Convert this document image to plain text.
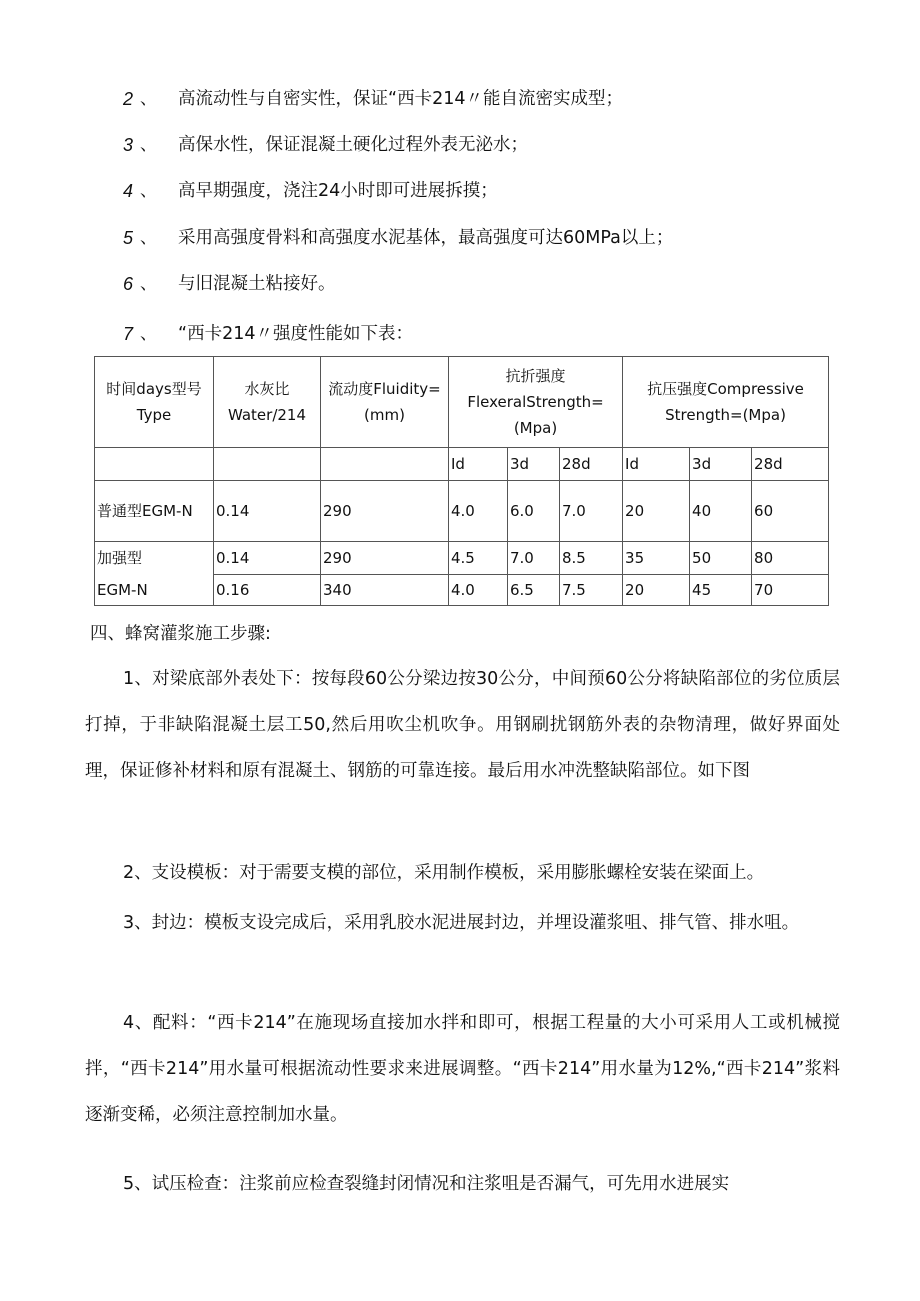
2 、 高流动性与自密实性，保证“西卡214〃能自流密实成型；
3 、 高保水性，保证混凝土硬化过程外表无泌水；
4 、 高早期强度，浇注24小时即可进展拆摸；
5 、 采用高强度骨料和高强度水泥基体，最高强度可达60MPa以上；
6 、 与旧混凝土粘接好。
7 、 “西卡214〃强度性能如下表：
时间days型号Type	水灰比Water/214	流动度Fluidity=(mm)	抗折强度FlexeralStrength=(Mpa)			抗压强度Compressive Strength=(Mpa)		
			Id	3d	28d	Id	3d	28d
普通型EGM-N	0.14	290	4.0	6.0	7.0	20	40	60
加强型	0.14	290	4.5	7.0	8.5	35	50	80
EGM-N	0.16	340	4.0	6.5	7.5	20	45	70
四、蜂窝灌浆施工步骤:
1、对梁底部外表处下：按每段60公分梁边按30公分，中间预60公分将缺陷部位的劣位质层打掉，于非缺陷混凝土层工50,然后用吹尘机吹争。用钢刷扰钢筋外表的杂物清理，做好界面处理，保证修补材料和原有混凝土、钢筋的可靠连接。最后用水冲洗整缺陷部位。如下图
2、支设模板：对于需要支模的部位，采用制作模板，采用膨胀螺栓安装在梁面上。
3、封边：模板支设完成后，采用乳胶水泥进展封边，并埋设灌浆咀、排气管、排水咀。
4、配料：“西卡214”在施现场直接加水拌和即可，根据工程量的大小可采用人工或机械搅拌，“西卡214”用水量可根据流动性要求来进展调整。“西卡214”用水量为12%,“西卡214”浆料逐渐变稀，必须注意控制加水量。
5、试压检查：注浆前应检查裂缝封闭情况和注浆咀是否漏气，可先用水进展实
